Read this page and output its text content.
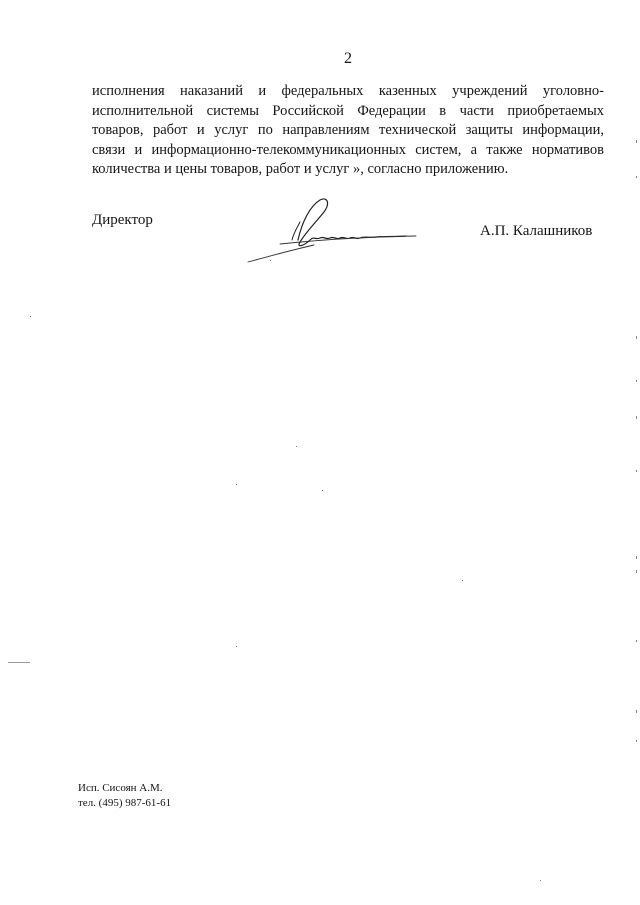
2
исполнения наказаний и федеральных казенных учреждений уголовно-
исполнительной системы Российской Федерации в части приобретаемых
товаров, работ и услуг по направлениям технической защиты информации,
связи и информационно-телекоммуникационных систем, а также нормативов
количества и цены товаров, работ и услуг », согласно приложению.
Директор
А.П. Калашников
Исп. Сисоян А.М.
тел. (495) 987-61-61
